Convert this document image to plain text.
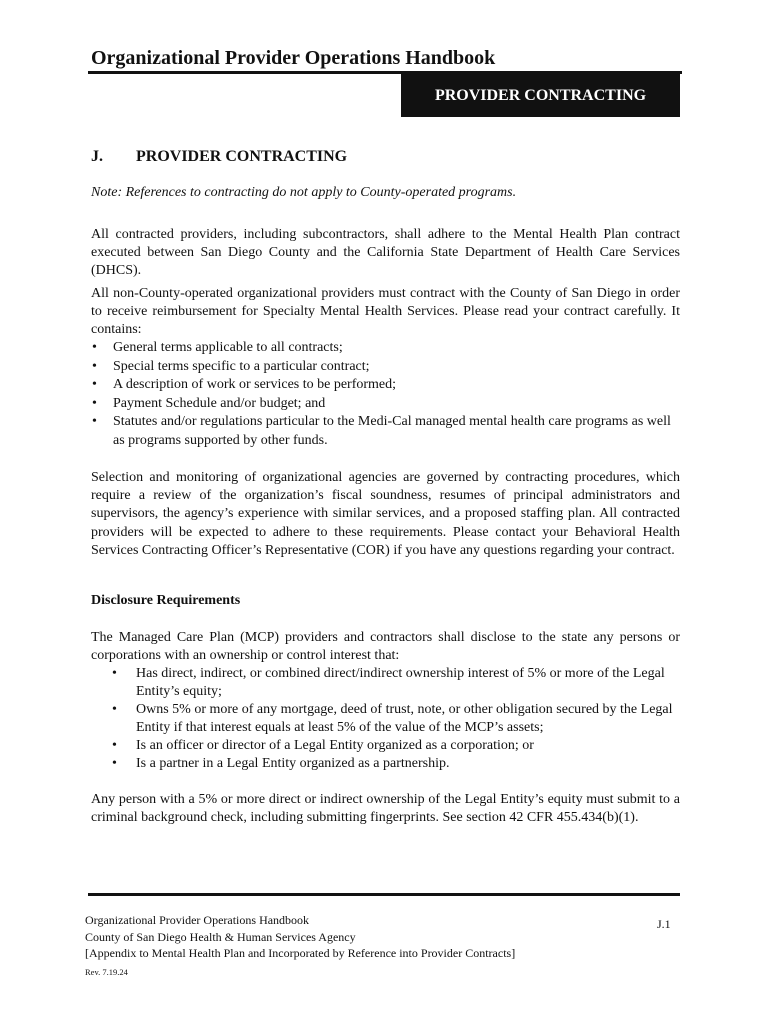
Organizational Provider Operations Handbook
PROVIDER CONTRACTING
J. PROVIDER CONTRACTING
Note: References to contracting do not apply to County-operated programs.
All contracted providers, including subcontractors, shall adhere to the Mental Health Plan contract executed between San Diego County and the California State Department of Health Care Services (DHCS).
All non-County-operated organizational providers must contract with the County of San Diego in order to receive reimbursement for Specialty Mental Health Services. Please read your contract carefully. It contains:
• General terms applicable to all contracts;
• Special terms specific to a particular contract;
• A description of work or services to be performed;
• Payment Schedule and/or budget; and
• Statutes and/or regulations particular to the Medi-Cal managed mental health care programs as well as programs supported by other funds.
Selection and monitoring of organizational agencies are governed by contracting procedures, which require a review of the organization’s fiscal soundness, resumes of principal administrators and supervisors, the agency’s experience with similar services, and a proposed staffing plan. All contracted providers will be expected to adhere to these requirements. Please contact your Behavioral Health Services Contracting Officer’s Representative (COR) if you have any questions regarding your contract.
Disclosure Requirements
The Managed Care Plan (MCP) providers and contractors shall disclose to the state any persons or corporations with an ownership or control interest that:
• Has direct, indirect, or combined direct/indirect ownership interest of 5% or more of the Legal Entity’s equity;
• Owns 5% or more of any mortgage, deed of trust, note, or other obligation secured by the Legal Entity if that interest equals at least 5% of the value of the MCP’s assets;
• Is an officer or director of a Legal Entity organized as a corporation; or
• Is a partner in a Legal Entity organized as a partnership.
Any person with a 5% or more direct or indirect ownership of the Legal Entity’s equity must submit to a criminal background check, including submitting fingerprints. See section 42 CFR 455.434(b)(1).
Organizational Provider Operations Handbook
County of San Diego Health & Human Services Agency
[Appendix to Mental Health Plan and Incorporated by Reference into Provider Contracts]
J.1
Rev. 7.19.24
